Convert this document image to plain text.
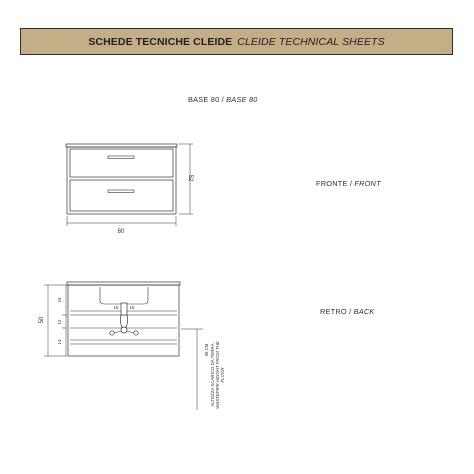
SCHEDE TECNICHE CLEIDE CLEIDE TECHNICAL SHEETS
BASE 80 / BASE 80
FRONTE / FRONT
RETRO / BACK
80
52
15	15
50
24
12
14
95 CM ALTEZZA SCARICO DA TERRA WASTEPIPE HEIGHT FROM THE FLOOR
